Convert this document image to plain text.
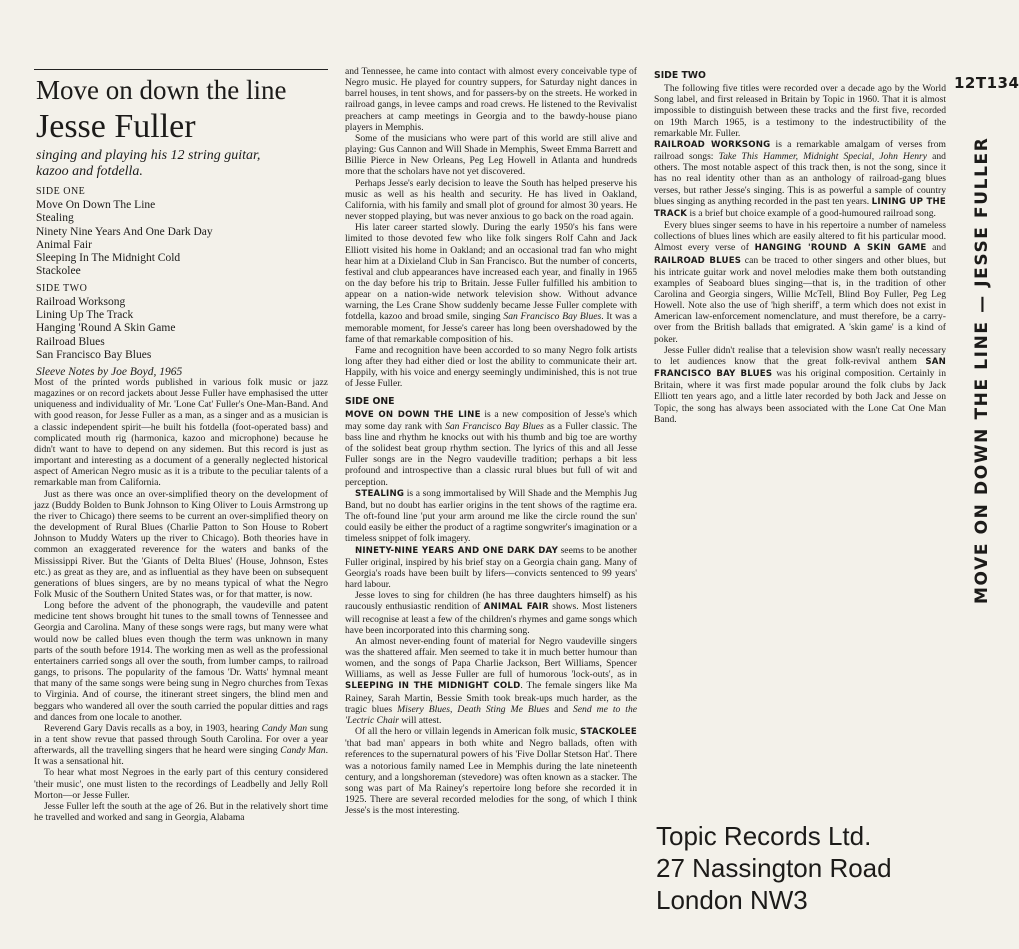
Move on down the line
Jesse Fuller
singing and playing his 12 string guitar, kazoo and fotdella.
SIDE ONE
Move On Down The Line
Stealing
Ninety Nine Years And One Dark Day
Animal Fair
Sleeping In The Midnight Cold
Stackolee
SIDE TWO
Railroad Worksong
Lining Up The Track
Hanging 'Round A Skin Game
Railroad Blues
San Francisco Bay Blues
Sleeve Notes by Joe Boyd, 1965

Most of the printed words published in various folk music or jazz magazines or on record jackets about Jesse Fuller have emphasised the utter uniqueness and individuality of Mr. 'Lone Cat' Fuller's One-Man-Band. And with good reason, for Jesse Fuller as a man, as a singer and as a musician is a classic independent spirit—he built his fotdella (foot-operated bass) and complicated mouth rig (harmonica, kazoo and microphone) because he didn't want to have to depend on any sidemen. But this record is just as important and interesting as a document of a generally neglected historical aspect of American Negro music as it is a tribute to the peculiar talents of a remarkable man from California.

Just as there was once an over-simplified theory on the development of jazz (Buddy Bolden to Bunk Johnson to King Oliver to Louis Armstrong up the river to Chicago) there seems to be current an over-simplified theory on the development of Rural Blues (Charlie Patton to Son House to Robert Johnson to Muddy Waters up the river to Chicago). Both theories have in common an exaggerated reverence for the waters and banks of the Mississippi River. But the 'Giants of Delta Blues' (House, Johnson, Estes etc.) as great as they are, and as influential as they have been on subsequent generations of blues singers, are by no means typical of what the Negro Folk Music of the Southern United States was, or for that matter, is now.

Long before the advent of the phonograph, the vaudeville and patent medicine tent shows brought hit tunes to the small towns of Tennessee and Georgia and Carolina. Many of these songs were rags, but many were what would now be called blues even though the term was unknown in many parts of the south before 1914. The working men as well as the professional entertainers carried songs all over the south, from lumber camps, to railroad gangs, to prisons. The popularity of the famous 'Dr. Watts' hymnal meant that many of the same songs were being sung in Negro churches from Texas to Virginia. And of course, the itinerant street singers, the blind men and beggars who wandered all over the south carried the popular ditties and rags and dances from one locale to another.

Reverend Gary Davis recalls as a boy, in 1903, hearing Candy Man sung in a tent show revue that passed through South Carolina. For over a year afterwards, all the travelling singers that he heard were singing Candy Man. It was a sensational hit.

To hear what most Negroes in the early part of this century considered 'their music', one must listen to the recordings of Leadbelly and Jelly Roll Morton—or Jesse Fuller.

Jesse Fuller left the south at the age of 26. But in the relatively short time he travelled and worked and sang in Georgia, Alabama

and Tennessee, he came into contact with almost every conceivable type of Negro music. He played for country suppers, for Saturday night dances in barrel houses, in tent shows, and for passers-by on the streets. He worked in railroad gangs, in levee camps and road crews. He listened to the Revivalist preachers at camp meetings in Georgia and to the bawdy-house piano players in Memphis.

Some of the musicians who were part of this world are still alive and playing: Gus Cannon and Will Shade in Memphis, Sweet Emma Barrett and Billie Pierce in New Orleans, Peg Leg Howell in Atlanta and hundreds more that the scholars have not yet discovered.

Perhaps Jesse's early decision to leave the South has helped preserve his music as well as his health and security. He has lived in Oakland, California, with his family and small plot of ground for almost 30 years. He never stopped playing, but was never anxious to go back on the road again.

His later career started slowly. During the early 1950's his fans were limited to those devoted few who like folk singers Rolf Cahn and Jack Elliott visited his home in Oakland; and an occasional trad fan who might hear him at a Dixieland Club in San Francisco. But the number of concerts, festival and club appearances have increased each year, and finally in 1965 on the day before his trip to Britain. Jesse Fuller fulfilled his ambition to appear on a nation-wide network television show. Without advance warning, the Les Crane Show suddenly became Jesse Fuller complete with fotdella, kazoo and broad smile, singing San Francisco Bay Blues. It was a memorable moment, for Jesse's career has long been overshadowed by the fame of that remarkable composition of his.

Fame and recognition have been accorded to so many Negro folk artists long after they had either died or lost the ability to communicate their art. Happily, with his voice and energy seemingly undiminished, this is not true of Jesse Fuller.

SIDE ONE

MOVE ON DOWN THE LINE is a new composition of Jesse's which may some day rank with San Francisco Bay Blues as a Fuller classic. The bass line and rhythm he knocks out with his thumb and big toe are worthy of the solidest beat group rhythm section. The lyrics of this and all Jesse Fuller songs are in the Negro vaudeville tradition; perhaps a bit less profound and introspective than a classic rural blues but full of wit and perception.

STEALING is a song immortalised by Will Shade and the Memphis Jug Band, but no doubt has earlier origins in the tent shows of the ragtime era. The oft-found line 'put your arm around me like the circle round the sun' could easily be either the product of a ragtime songwriter's imagination or a timeless snippet of folk imagery.

NINETY-NINE YEARS AND ONE DARK DAY seems to be another Fuller original, inspired by his brief stay on a Georgia chain gang. Many of Georgia's roads have been built by lifers—convicts sentenced to 99 years' hard labour.

Jesse loves to sing for children (he has three daughters himself) as his raucously enthusiastic rendition of ANIMAL FAIR shows. Most listeners will recognise at least a few of the children's rhymes and game songs which have been incorporated into this charming song.

An almost never-ending fount of material for Negro vaudeville singers was the shattered affair. Men seemed to take it in much better humour than women, and the songs of Papa Charlie Jackson, Bert Williams, Spencer Williams, as well as Jesse Fuller are full of humorous 'lock-outs', as in SLEEPING IN THE MIDNIGHT COLD. The female singers like Ma Rainey, Sarah Martin, Bessie Smith took break-ups much harder, as the tragic blues Misery Blues, Death Sting Me Blues and Send me to the 'Lectric Chair will attest.

Of all the hero or villain legends in American folk music, STACKOLEE 'that bad man' appears in both white and Negro ballads, often with references to the supernatural powers of his 'Five Dollar Stetson Hat'. There was a notorious family named Lee in Memphis during the late nineteenth century, and a longshoreman (stevedore) was often known as a stacker. The song was part of Ma Rainey's repertoire long before she recorded it in 1925. There are several recorded melodies for the song, of which I think Jesse's is the most interesting.

SIDE TWO

The following five titles were recorded over a decade ago by the World Song label, and first released in Britain by Topic in 1960. That it is almost impossible to distinguish between these tracks and the first five, recorded on 19th March 1965, is a testimony to the indestructibility of the remarkable Mr. Fuller.

RAILROAD WORKSONG is a remarkable amalgam of verses from railroad songs: Take This Hammer, Midnight Special, John Henry and others. The most notable aspect of this track then, is not the song, since it has no real identity other than as an anthology of railroad-gang blues verses, but rather Jesse's singing. This is as powerful a sample of country blues singing as anything recorded in the past ten years. LINING UP THE TRACK is a brief but choice example of a good-humoured railroad song.

Every blues singer seems to have in his repertoire a number of nameless collections of blues lines which are easily altered to fit his particular mood. Almost every verse of HANGING 'ROUND A SKIN GAME and RAILROAD BLUES can be traced to other singers and other blues, but his intricate guitar work and novel melodies make them both outstanding examples of Seaboard blues singing—that is, in the tradition of other Carolina and Georgia singers, Willie McTell, Blind Boy Fuller, Peg Leg Howell. Note also the use of 'high sheriff', a term which does not exist in American law-enforcement nomenclature, and must therefore, be a carry-over from the British ballads that emigrated. A 'skin game' is a kind of poker.

Jesse Fuller didn't realise that a television show wasn't really necessary to let audiences know that the great folk-revival anthem SAN FRANCISCO BAY BLUES was his original composition. Certainly in Britain, where it was first made popular around the folk clubs by Jack Elliott ten years ago, and a little later recorded by both Jack and Jesse on Topic, the song has always been associated with the Lone Cat One Man Band.

12T134
MOVE ON DOWN THE LINE — JESSE FULLER
Topic Records Ltd.
27 Nassington Road
London NW3
